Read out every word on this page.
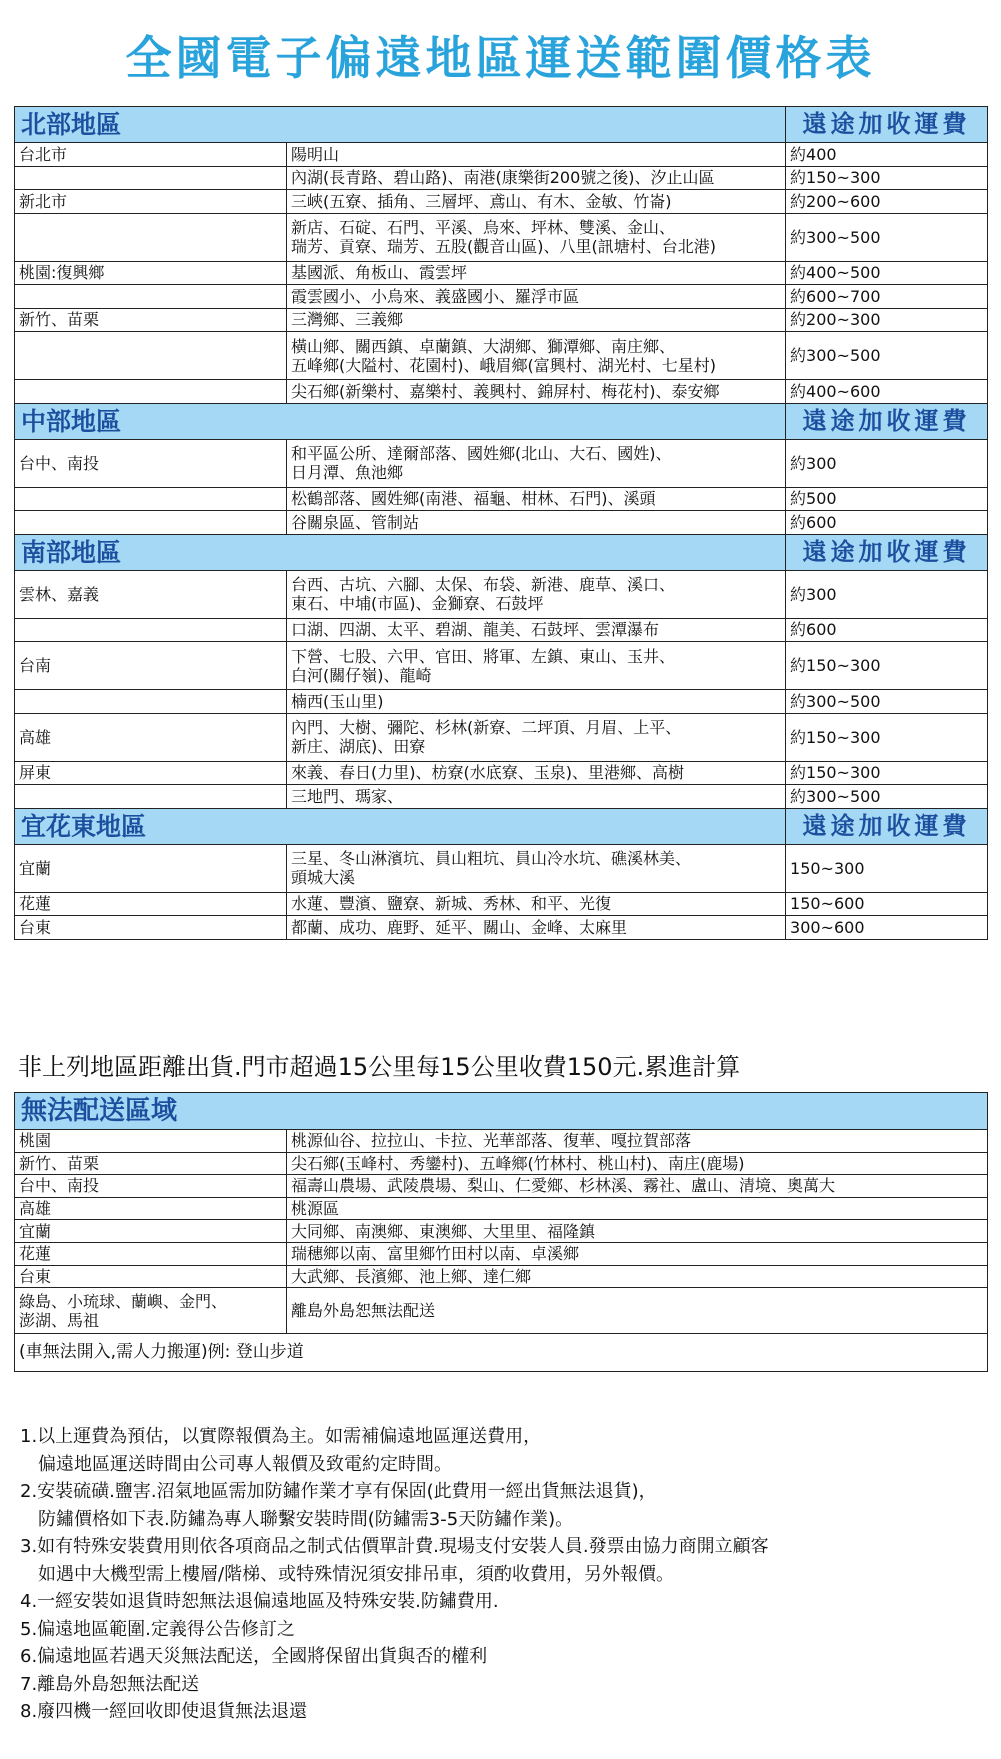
全國電子偏遠地區運送範圍價格表
北部地區		遠途加收運費
台北市	陽明山	約400

	內湖(長青路、碧山路)、南港(康樂街200號之後)、汐止山區	約150~300
新北市	三峽(五寮、插角、三層坪、鳶山、有木、金敏、竹崙)	約200~600

	新店、石碇、石門、平溪、烏來、坪林、雙溪、金山、
瑞芳、貢寮、瑞芳、五股(觀音山區)、八里(訊塘村、台北港)	約300~500
桃園:復興鄉	基國派、角板山、霞雲坪	約400~500

	霞雲國小、小烏來、義盛國小、羅浮市區	約600~700
新竹、苗栗	三灣鄉、三義鄉	約200~300

	橫山鄉、關西鎮、卓蘭鎮、大湖鄉、獅潭鄉、南庄鄉、
五峰鄉(大隘村、花園村)、峨眉鄉(富興村、湖光村、七星村)	約300~500

	尖石鄉(新樂村、嘉樂村、義興村、錦屏村、梅花村)、泰安鄉	約400~600
中部地區		遠途加收運費
台中、南投	和平區公所、達爾部落、國姓鄉(北山、大石、國姓)、
日月潭、魚池鄉	約300

	松鶴部落、國姓鄉(南港、福龜、柑林、石門)、溪頭	約500

	谷關泉區、管制站	約600
南部地區		遠途加收運費
雲林、嘉義	台西、古坑、六腳、太保、布袋、新港、鹿草、溪口、
東石、中埔(市區)、金獅寮、石鼓坪	約300

	口湖、四湖、太平、碧湖、龍美、石鼓坪、雲潭瀑布	約600
台南	下營、七股、六甲、官田、將軍、左鎮、東山、玉井、
白河(關仔嶺)、龍崎	約150~300

	楠西(玉山里)	約300~500
高雄	內門、大樹、彌陀、杉林(新寮、二坪頂、月眉、上平、
新庄、湖底)、田寮	約150~300
屏東	來義、春日(力里)、枋寮(水底寮、玉泉)、里港鄉、高樹	約150~300

	三地門、瑪家、	約300~500
宜花東地區		遠途加收運費
宜蘭	三星、冬山淋濱坑、員山粗坑、員山冷水坑、礁溪林美、
頭城大溪	150~300
花蓮	水蓮、豐濱、鹽寮、新城、秀林、和平、光復	150~600
台東	都蘭、成功、鹿野、延平、關山、金峰、太麻里	300~600
非上列地區距離出貨.門市超過15公里每15公里收費150元.累進計算
無法配送區域	

桃園	桃源仙谷、拉拉山、卡拉、光華部落、復華、嘎拉賀部落

新竹、苗栗	尖石鄉(玉峰村、秀鑾村)、五峰鄉(竹林村、桃山村)、南庄(鹿場)

台中、南投	福壽山農場、武陵農場、梨山、仁愛鄉、杉林溪、霧社、盧山、清境、奧萬大

高雄	桃源區

宜蘭	大同鄉、南澳鄉、東澳鄉、大里里、福隆鎮

花蓮	瑞穗鄉以南、富里鄉竹田村以南、卓溪鄉

台東	大武鄉、長濱鄉、池上鄉、達仁鄉

綠島、小琉球、蘭嶼、金門、
澎湖、馬祖	離島外島恕無法配送
(車無法開入,需人力搬運)例: 登山步道	
1.以上運費為預估，以實際報價為主。如需補偏遠地區運送費用，
偏遠地區運送時間由公司專人報價及致電約定時間。
2.安裝硫磺.鹽害.沼氣地區需加防鏽作業才享有保固(此費用一經出貨無法退貨)，
防鏽價格如下表.防鏽為專人聯繫安裝時間(防鏽需3-5天防鏽作業)。
3.如有特殊安裝費用則依各項商品之制式估價單計費.現場支付安裝人員.發票由協力商開立顧客
如遇中大機型需上樓層/階梯、或特殊情況須安排吊車，須酌收費用，另外報價。
4.一經安裝如退貨時恕無法退偏遠地區及特殊安裝.防鏽費用.
5.偏遠地區範圍.定義得公告修訂之
6.偏遠地區若遇天災無法配送，全國將保留出貨與否的權利
7.離島外島恕無法配送
8.廢四機一經回收即使退貨無法退還
